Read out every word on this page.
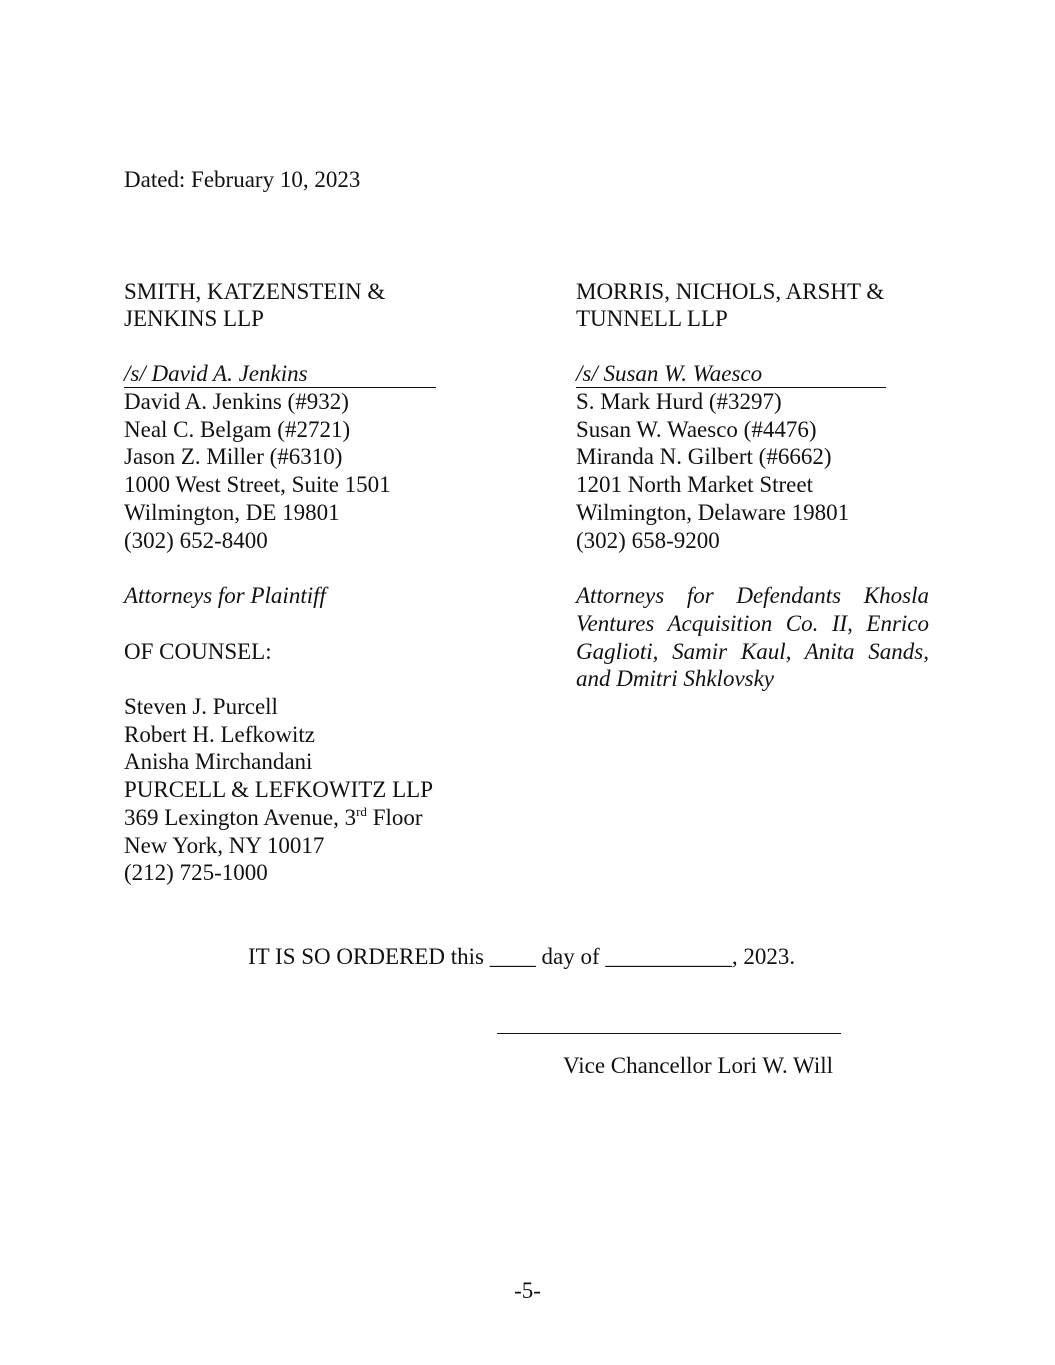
Dated: February 10, 2023
SMITH, KATZENSTEIN &
JENKINS LLP
/s/ David A. Jenkins
David A. Jenkins (#932)
Neal C. Belgam (#2721)
Jason Z. Miller (#6310)
1000 West Street, Suite 1501
Wilmington, DE 19801
(302) 652-8400
Attorneys for Plaintiff
OF COUNSEL:
Steven J. Purcell
Robert H. Lefkowitz
Anisha Mirchandani
PURCELL & LEFKOWITZ LLP
369 Lexington Avenue, 3rd Floor
New York, NY 10017
(212) 725-1000
MORRIS, NICHOLS, ARSHT &
TUNNELL LLP
/s/ Susan W. Waesco
S. Mark Hurd (#3297)
Susan W. Waesco (#4476)
Miranda N. Gilbert (#6662)
1201 North Market Street
Wilmington, Delaware 19801
(302) 658-9200
Attorneys for Defendants Khosla Ventures Acquisition Co. II, Enrico Gaglioti, Samir Kaul, Anita Sands, and Dmitri Shklovsky
IT IS SO ORDERED this ____ day of ___________, 2023.
Vice Chancellor Lori W. Will
-5-
